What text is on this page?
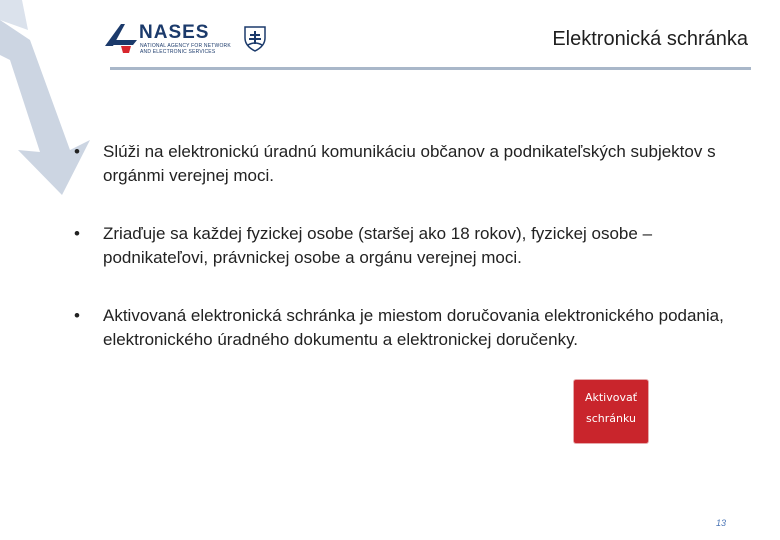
NASES
NATIONAL AGENCY FOR NETWORK AND ELECTRONIC SERVICES
Elektronická schránka
• Slúži na elektronickú úradnú komunikáciu občanov a podnikateľských subjektov s orgánmi verejnej moci.
• Zriaďuje sa každej fyzickej osobe (staršej ako 18 rokov), fyzickej osobe – podnikateľovi, právnickej osobe a orgánu verejnej moci.
• Aktivovaná elektronická schránka je miestom doručovania elektronického podania, elektronického úradného dokumentu a elektronickej doručenky.
Aktivovať
schránku
13
